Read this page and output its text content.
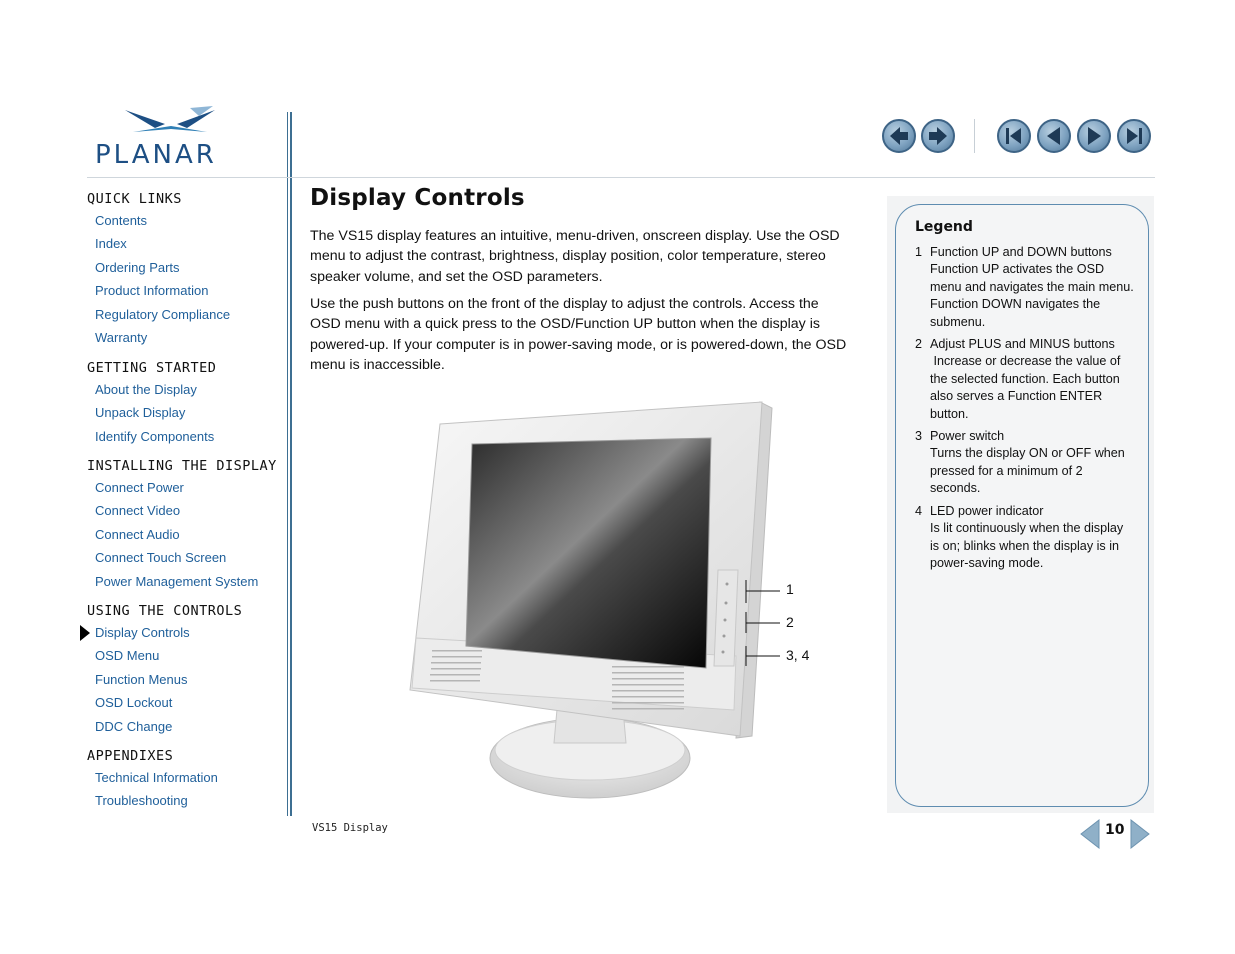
PLANAR
QUICK LINKS
Contents
Index
Ordering Parts
Product Information
Regulatory Compliance
Warranty
GETTING STARTED
About the Display
Unpack Display
Identify Components
INSTALLING THE DISPLAY
Connect Power
Connect Video
Connect Audio
Connect Touch Screen
Power Management System
USING THE CONTROLS
Display Controls
OSD Menu
Function Menus
OSD Lockout
DDC Change
APPENDIXES
Technical Information
Troubleshooting
Display Controls

The VS15 display features an intuitive, menu-driven, onscreen display. Use the OSD menu to adjust the contrast, brightness, display position, color temperature, stereo speaker volume, and set the OSD parameters.

Use the push buttons on the front of the display to adjust the controls. Access the OSD menu with a quick press to the OSD/Function UP button when the display is powered-up. If your computer is in power-saving mode, or is powered-down, the OSD menu is inaccessible.

1
2
3, 4
Legend
1 Function UP and DOWN buttons
Function UP activates the OSD menu and navigates the main menu. Function DOWN navigates the submenu.
2 Adjust PLUS and MINUS buttons
Increase or decrease the value of the selected function. Each button also serves a Function ENTER button.
3 Power switch
Turns the display ON or OFF when pressed for a minimum of 2 seconds.
4 LED power indicator
Is lit continuously when the display is on; blinks when the display is in power-saving mode.
VS15 Display	10
